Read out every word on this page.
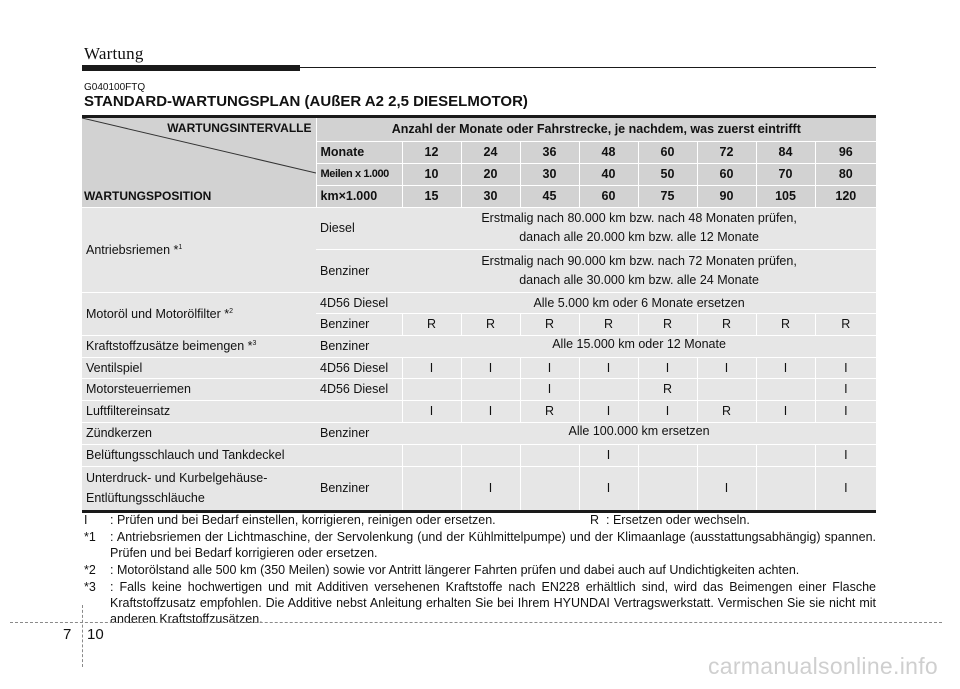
Wartung
G040100FTQ
STANDARD-WARTUNGSPLAN (AUßER A2 2,5 DIESELMOTOR)
WARTUNGSINTERVALLE
WARTUNGSPOSITION	Anzahl der Monate oder Fahrstrecke, je nachdem, was zuerst eintrifft								
	Monate	12	24	36	48	60	72	84	96
	Meilen x 1.000	10	20	30	40	50	60	70	80
	km×1.000	15	30	45	60	75	90	105	120
Antriebsriemen *$^1$	Diesel	Erstmalig nach 80.000 km bzw. nach 48 Monaten prüfen,
danach alle 20.000 km bzw. alle 12 Monate							

	Benziner	Erstmalig nach 90.000 km bzw. nach 72 Monaten prüfen,
danach alle 30.000 km bzw. alle 24 Monate							

Motoröl und Motorölfilter *$^2$	4D56 Diesel	Alle 5.000 km oder 6 Monate ersetzen							
	Benziner	R	R	R	R	R	R	R	R
Kraftstoffzusätze beimengen *$^3$	Benziner	Alle 15.000 km oder 12 Monate							
Ventilspiel	4D56 Diesel	I	I	I	I	I	I	I	I
Motorsteuerriemen	4D56 Diesel			I		R			I
Luftfiltereinsatz		I	I	R	I	I	R	I	I
Zündkerzen	Benziner	Alle 100.000 km ersetzen							
Belüftungsschlauch und Tankdeckel					I				I

Unterdruck- und Kurbelgehäuse-
Entlüftungsschläuche	Benziner		I		I		I		I
I	: Prüfen und bei Bedarf einstellen, korrigieren, reinigen oder ersetzen.	R : Ersetzen oder wechseln.
*1	: Antriebsriemen der Lichtmaschine, der Servolenkung (und der Kühlmittelpumpe) und der Klimaanlage (ausstattungsabhängig) spannen. Prüfen und bei Bedarf korrigieren oder ersetzen.
*2	: Motorölstand alle 500 km (350 Meilen) sowie vor Antritt längerer Fahrten prüfen und dabei auch auf Undichtigkeiten achten.
*3	: Falls keine hochwertigen und mit Additiven versehenen Kraftstoffe nach EN228 erhältlich sind, wird das Beimengen einer Flasche Kraftstoffzusatz empfohlen. Die Additive nebst Anleitung erhalten Sie bei Ihrem HYUNDAI Vertragswerkstatt. Vermischen Sie sie nicht mit anderen Kraftstoffzusätzen.
7 10
carmanualsonline.info
